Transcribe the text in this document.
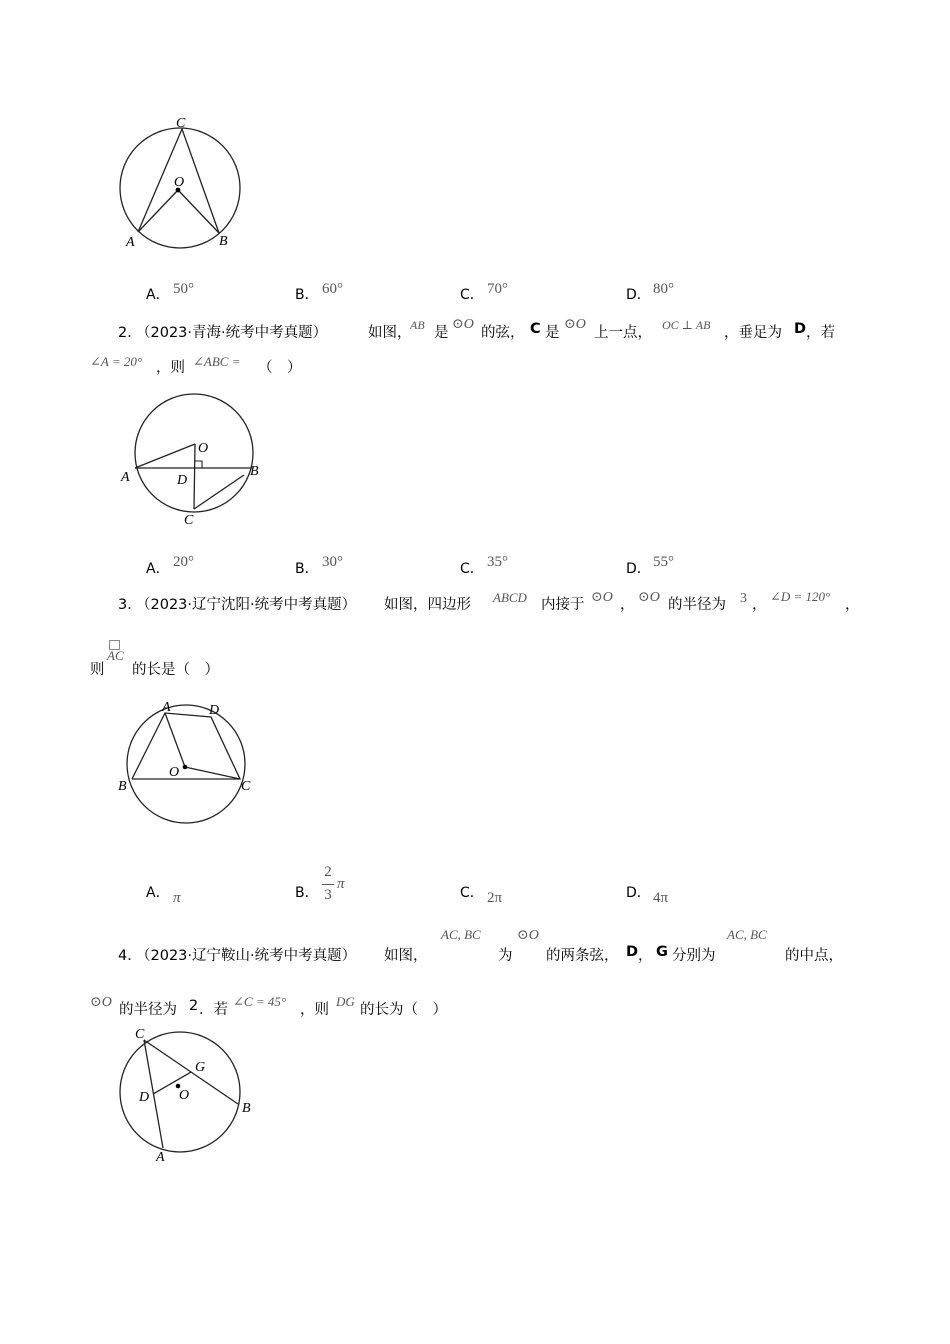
C
O
A	B
A． 50°	B． 60°	C． 70°	D． 80°
2．
（2023·青海·统考中考真题）	如图，
AB 是
⊙O
的弦， C 是
⊙O
上一点， OC ⊥ AB ，垂足为 D ，若
∠A = 20° ，则 ∠ABC = （　）
O
A	B
D
C
A． 20°	B． 30°	C． 35°	D． 55°
3．
（2023·辽宁沈阳·统考中考真题） 如图，四边形 ABCD 内接于 ⊙O ， ⊙O 的半径为 3 ，
∠D = 120°
，
则
AC
的长是（　）
A	D
B
O
C
A． π	B．
2
3
π
C． 2π	D． 4π
4．
（2023·辽宁鞍山·统考中考真题） 如图，
AC, BC
为
⊙O
的两条弦， D ， G 分别为
AC, BC
的中点，
⊙O 的半径为 2 ．若
∠C = 45°
，则
DG
的长为（　）
C
G
D O
B
A
